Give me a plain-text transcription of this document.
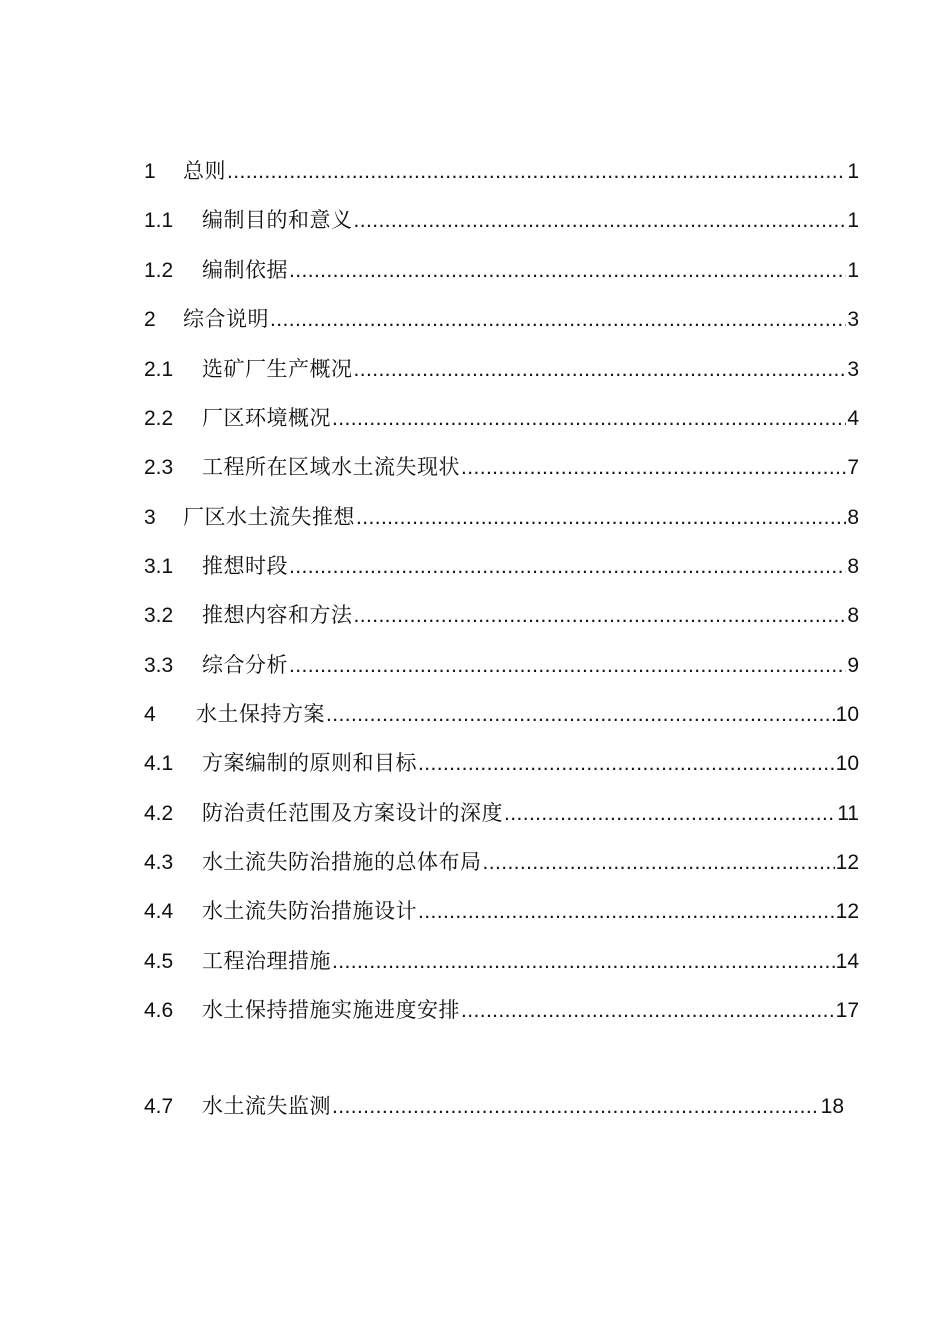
1	总则 .....	1
1.1	编制目的和意义 .....	1
1.2	编制依据 .....	1
2	综合说明 .....	3
2.1	选矿厂生产概况 .....	3
2.2	厂区环境概况 .....	4
2.3	工程所在区域水土流失现状 .....	7
3	厂区水土流失推想 .....	8
3.1	推想时段 .....	8
3.2	推想内容和方法 .....	8
3.3	综合分析 .....	9
4	水土保持方案 .....	10
4.1	方案编制的原则和目标 .....	10
4.2	防治责任范围及方案设计的深度 .....	11
4.3	水土流失防治措施的总体布局 .....	12
4.4	水土流失防治措施设计 .....	12
4.5	工程治理措施 .....	14
4.6	水土保持措施实施进度安排 .....	17
4.7	水土流失监测 .....	18
